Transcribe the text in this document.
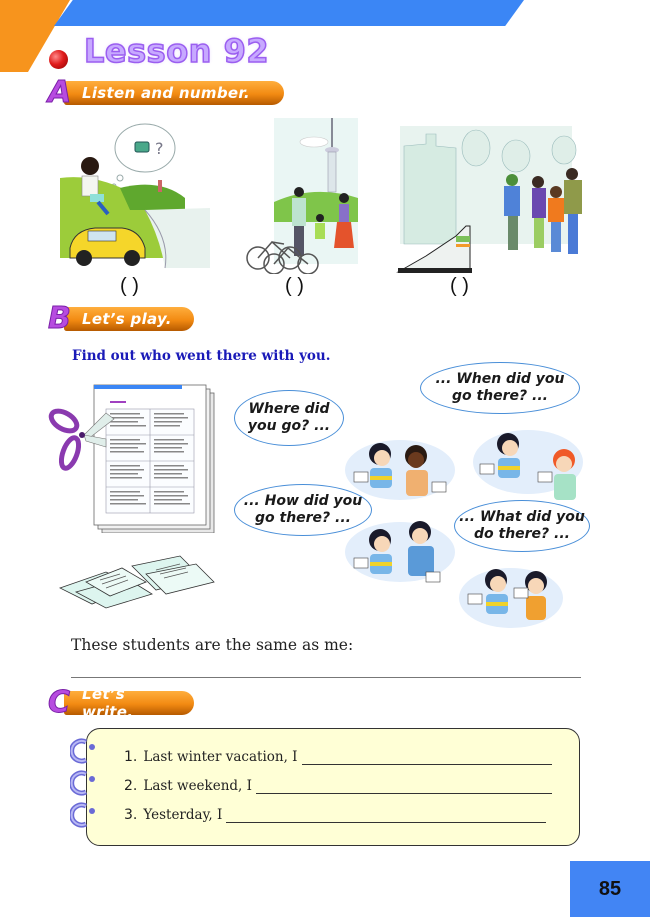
Lesson 92
A Listen and number.
?
( )	( )	( )
B Let’s play.
Find out who went there with you.
Where did
you go? ...
... When did you
go there? ...
... How did you
go there? ...	... What did you
do there? ...
These students are the same as me:
C Let’s write.
1. Last winter vacation, I
2. Last weekend, I
3. Yesterday, I
85
